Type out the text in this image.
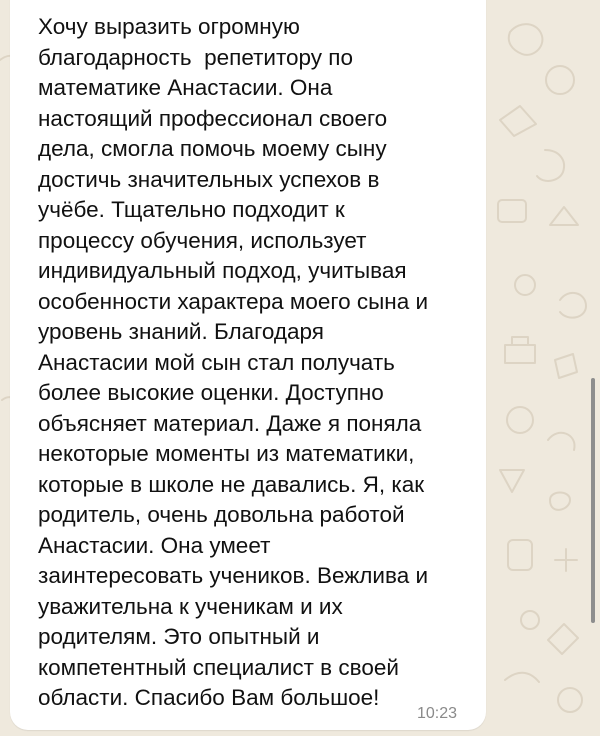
Хочу выразить огромную
благодарность  репетитору по
математике Анастасии. Она
настоящий профессионал своего
дела, смогла помочь моему сыну
достичь значительных успехов в
учёбе. Тщательно подходит к
процессу обучения, использует
индивидуальный подход, учитывая
особенности характера моего сына и
уровень знаний. Благодаря
Анастасии мой сын стал получать
более высокие оценки. Доступно
объясняет материал. Даже я поняла
некоторые моменты из математики,
которые в школе не давались. Я, как
родитель, очень довольна работой
Анастасии. Она умеет
заинтересовать учеников. Вежлива и
уважительна к ученикам и их
родителям. Это опытный и
компетентный специалист в своей
области. Спасибо Вам большое!

10:23
